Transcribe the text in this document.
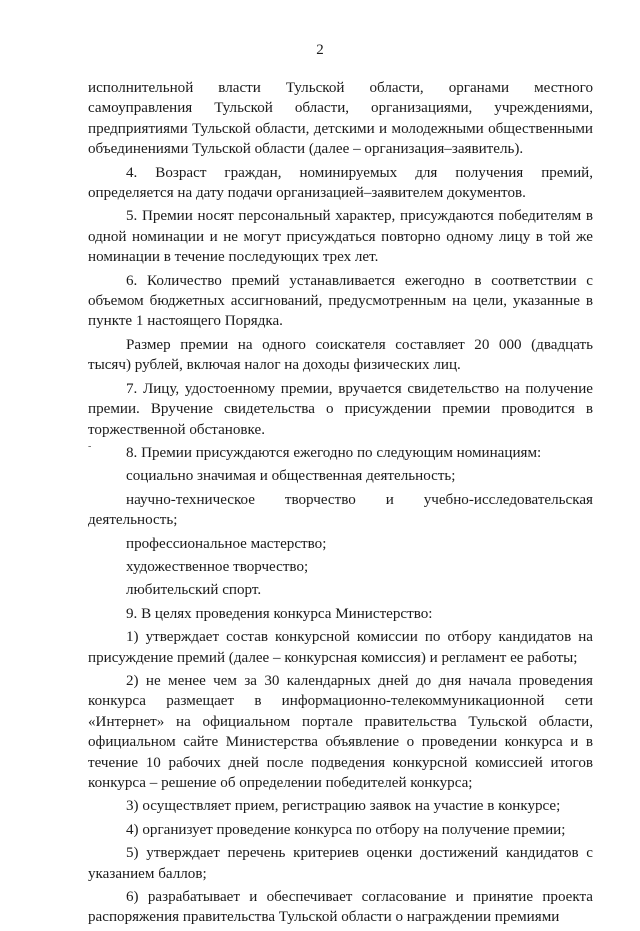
2
-

исполнительной власти Тульской области, органами местного самоуправления Тульской области, организациями, учреждениями, предприятиями Тульской области, детскими и молодежными общественными объединениями Тульской области (далее – организация–заявитель).

4. Возраст граждан, номинируемых для получения премий, определяется на дату подачи организацией–заявителем документов.

5. Премии носят персональный характер, присуждаются победителям в одной номинации и не могут присуждаться повторно одному лицу в той же номинации в течение последующих трех лет.

6. Количество премий устанавливается ежегодно в соответствии с объемом бюджетных ассигнований, предусмотренным на цели, указанные в пункте 1 настоящего Порядка.

Размер премии на одного соискателя составляет 20 000 (двадцать тысяч) рублей, включая налог на доходы физических лиц.

7. Лицу, удостоенному премии, вручается свидетельство на получение премии. Вручение свидетельства о присуждении премии проводится в торжественной обстановке.

8. Премии присуждаются ежегодно по следующим номинациям:

социально значимая и общественная деятельность;

научно-техническое творчество и учебно-исследовательская деятельность;

профессиональное мастерство;

художественное творчество;

любительский спорт.

9. В целях проведения конкурса Министерство:

1) утверждает состав конкурсной комиссии по отбору кандидатов на присуждение премий (далее – конкурсная комиссия) и регламент ее работы;

2) не менее чем за 30 календарных дней до дня начала проведения конкурса размещает в информационно-телекоммуникационной сети «Интернет» на официальном портале правительства Тульской области, официальном сайте Министерства объявление о проведении конкурса и в течение 10 рабочих дней после подведения конкурсной комиссией итогов конкурса – решение об определении победителей конкурса;

3) осуществляет прием, регистрацию заявок на участие в конкурсе;

4) организует проведение конкурса по отбору на получение премии;

5) утверждает перечень критериев оценки достижений кандидатов с указанием баллов;

6) разрабатывает и обеспечивает согласование и принятие проекта распоряжения правительства Тульской области о награждении премиями
